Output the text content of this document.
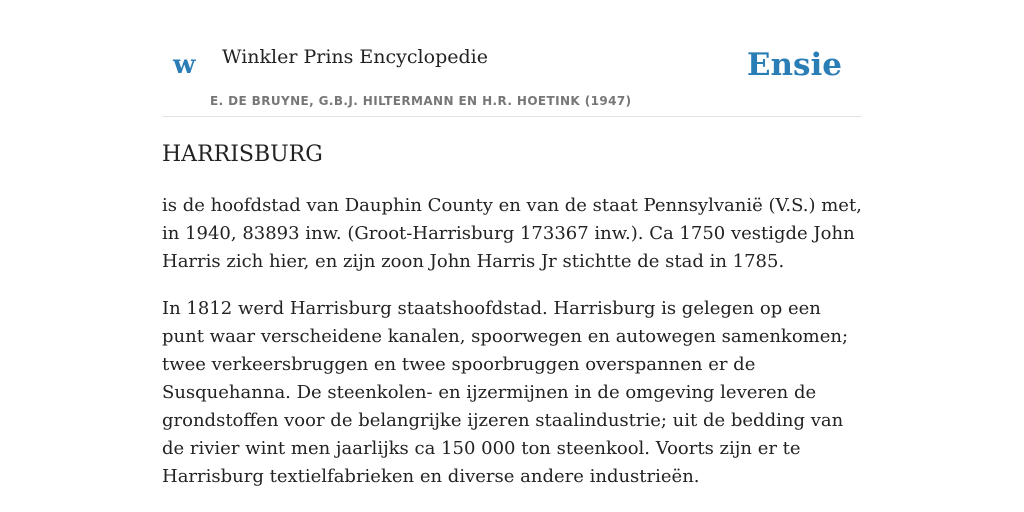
w Winkler Prins Encyclopedie
E. DE BRUYNE, G.B.J. HILTERMANN EN H.R. HOETINK (1947)
Ensie
HARRISBURG

is de hoofdstad van Dauphin County en van de staat Pennsylvanië (V.S.) met, in 1940, 83893 inw. (Groot-Harrisburg 173367 inw.). Ca 1750 vestigde John Harris zich hier, en zijn zoon John Harris Jr stichtte de stad in 1785.

In 1812 werd Harrisburg staatshoofdstad. Harrisburg is gelegen op een punt waar verscheidene kanalen, spoorwegen en autowegen samenkomen; twee verkeersbruggen en twee spoorbruggen overspannen er de Susquehanna. De steenkolen- en ijzermijnen in de omgeving leveren de grondstoffen voor de belangrijke ijzeren staalindustrie; uit de bedding van de rivier wint men jaarlijks ca 150 000 ton steenkool. Voorts zijn er te Harrisburg textielfabrieken en diverse andere industrieën.
